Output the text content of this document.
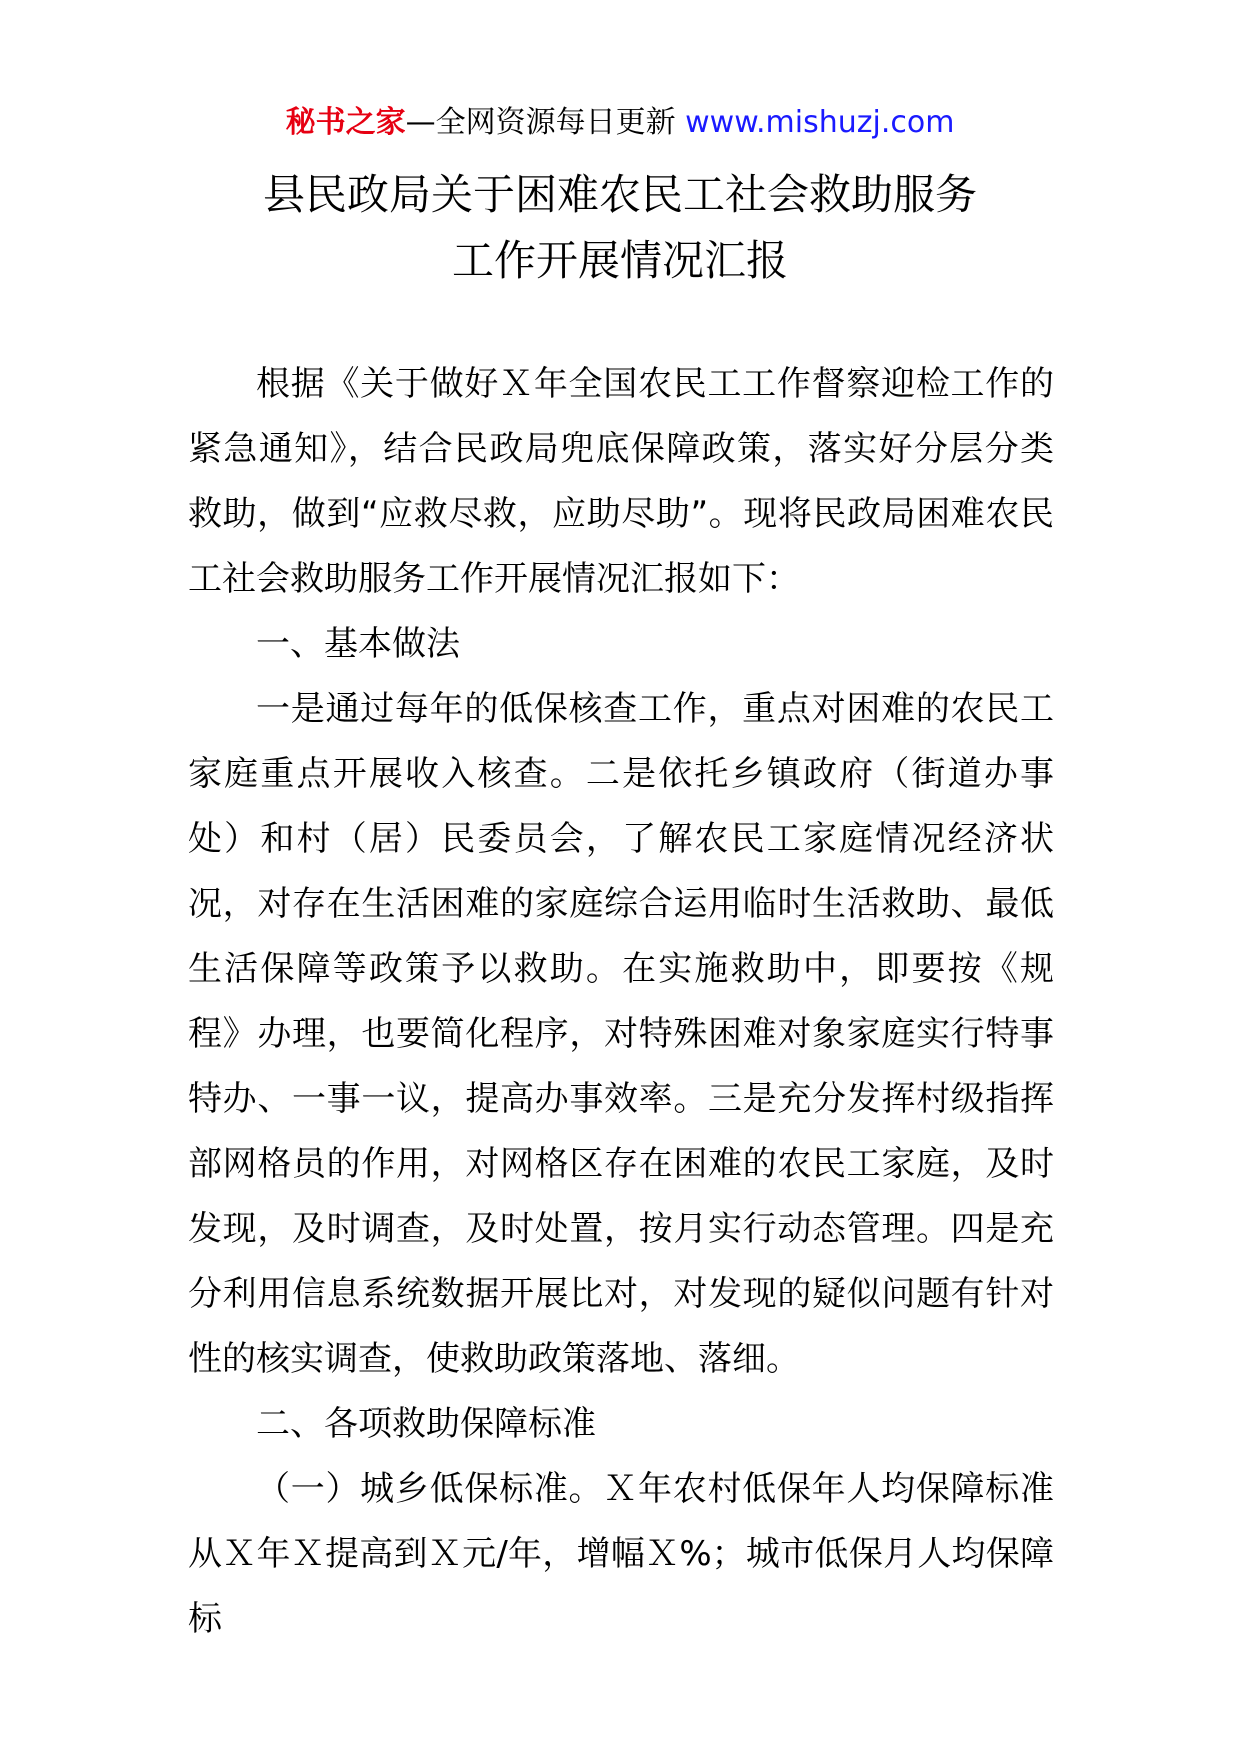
秘书之家—全网资源每日更新 www.mishuzj.com
县民政局关于困难农民工社会救助服务
工作开展情况汇报

根据《关于做好Ｘ年全国农民工工作督察迎检工作的紧急通知》，结合民政局兜底保障政策，落实好分层分类救助，做到“应救尽救，应助尽助”。现将民政局困难农民工社会救助服务工作开展情况汇报如下：

一、基本做法

一是通过每年的低保核查工作，重点对困难的农民工家庭重点开展收入核查。二是依托乡镇政府（街道办事处）和村（居）民委员会，了解农民工家庭情况经济状况，对存在生活困难的家庭综合运用临时生活救助、最低生活保障等政策予以救助。在实施救助中，即要按《规程》办理，也要简化程序，对特殊困难对象家庭实行特事特办、一事一议，提高办事效率。三是充分发挥村级指挥部网格员的作用，对网格区存在困难的农民工家庭，及时发现，及时调查，及时处置，按月实行动态管理。四是充分利用信息系统数据开展比对，对发现的疑似问题有针对性的核实调查，使救助政策落地、落细。

二、各项救助保障标准

（一）城乡低保标准。Ｘ年农村低保年人均保障标准从Ｘ年Ｘ提高到Ｘ元/年，增幅Ｘ%；城市低保月人均保障标
